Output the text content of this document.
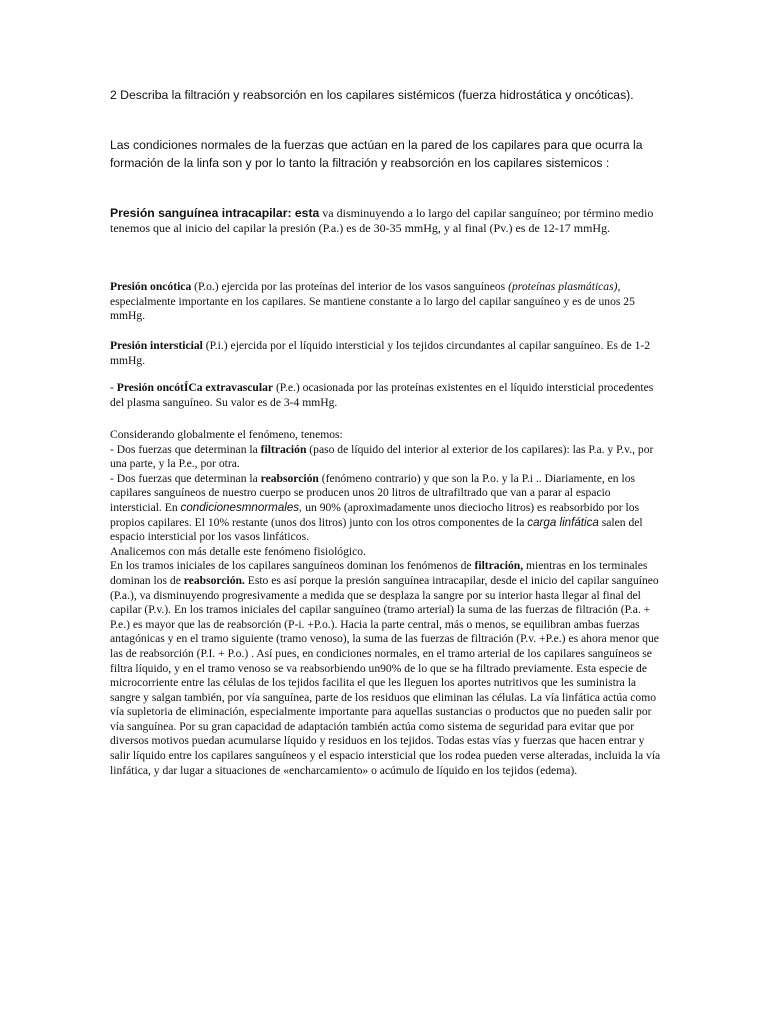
2 Describa la filtración y reabsorción en los capilares sistémicos (fuerza hidrostática y oncóticas).

Las condiciones normales de la fuerzas que actúan en la pared de los capilares para que ocurra la formación de la linfa son y por lo tanto la filtración y reabsorción en los capilares sistemicos :

Presión sanguínea intracapilar: esta va disminuyendo a lo largo del capilar sanguíneo; por término medio tenemos que al inicio del capilar la presión (P.a.) es de 30-35 mmHg, y al final (Pv.) es de 12-17 mmHg.

Presión oncótica (P.o.) ejercida por las proteínas del interior de los vasos sanguíneos (proteínas plasmáticas), especialmente importante en los capilares. Se mantiene constante a lo largo del capilar sanguíneo y es de unos 25 mmHg.

Presión intersticial (P.i.) ejercida por el líquido intersticial y los tejidos circundantes al capilar sanguíneo. Es de 1-2 mmHg.

- Presión oncótÍCa extravascular (P.e.) ocasionada por las proteínas existentes en el líquido intersticial procedentes del plasma sanguíneo. Su valor es de 3-4 mmHg.

Considerando globalmente el fenómeno, tenemos:
- Dos fuerzas que determinan la filtración (paso de líquido del interior al exterior de los capilares): las P.a. y P.v., por una parte, y la P.e., por otra.
- Dos fuerzas que determinan la reabsorción (fenómeno contrario) y que son la P.o. y la P.i .. Diariamente, en los capilares sanguíneos de nuestro cuerpo se producen unos 20 litros de ultrafiltrado que van a parar al espacio intersticial. En condicionesmnormales, un 90% (aproximadamente unos dieciocho litros) es reabsorbido por los propios capilares. El 10% restante (unos dos litros) junto con los otros componentes de la carga linfática salen del espacio intersticial por los vasos linfáticos.
Analicemos con más detalle este fenómeno fisiológico.
En los tramos iniciales de los capilares sanguíneos dominan los fenómenos de filtración, mientras en los terminales dominan los de reabsorción. Esto es así porque la presión sanguínea intracapilar, desde el inicio del capilar sanguíneo (P.a.), va disminuyendo progresivamente a medida que se desplaza la sangre por su interior hasta llegar al final del capilar (P.v.). En los tramos iniciales del capilar sanguíneo (tramo arterial) la suma de las fuerzas de filtración (P.a. + P.e.) es mayor que las de reabsorción (P-i. +P.o.). Hacia la parte central, más o menos, se equilibran ambas fuerzas antagónicas y en el tramo siguiente (tramo venoso), la suma de las fuerzas de filtración (P.v. +P.e.) es ahora menor que las de reabsorción (P.I. + P.o.) . Así pues, en condiciones normales, en el tramo arterial de los capilares sanguíneos se filtra líquido, y en el tramo venoso se va reabsorbiendo un90% de lo que se ha filtrado previamente. Esta especie de microcorriente entre las células de los tejidos facilita el que les lleguen los aportes nutritivos que les suministra la sangre y salgan también, por vía sanguínea, parte de los residuos que eliminan las células. La vía linfática actúa como vía supletoria de eliminación, especialmente importante para aquellas sustancias o productos que no pueden salir por vía sanguínea. Por su gran capacidad de adaptación también actúa como sistema de seguridad para evitar que por diversos motivos puedan acumularse líquido y residuos en los tejidos. Todas estas vías y fuerzas que hacen entrar y salir líquido entre los capilares sanguíneos y el espacio intersticial que los rodea pueden verse alteradas, incluida la vía linfática, y dar lugar a situaciones de «encharcamiento» o acúmulo de líquido en los tejidos (edema).
